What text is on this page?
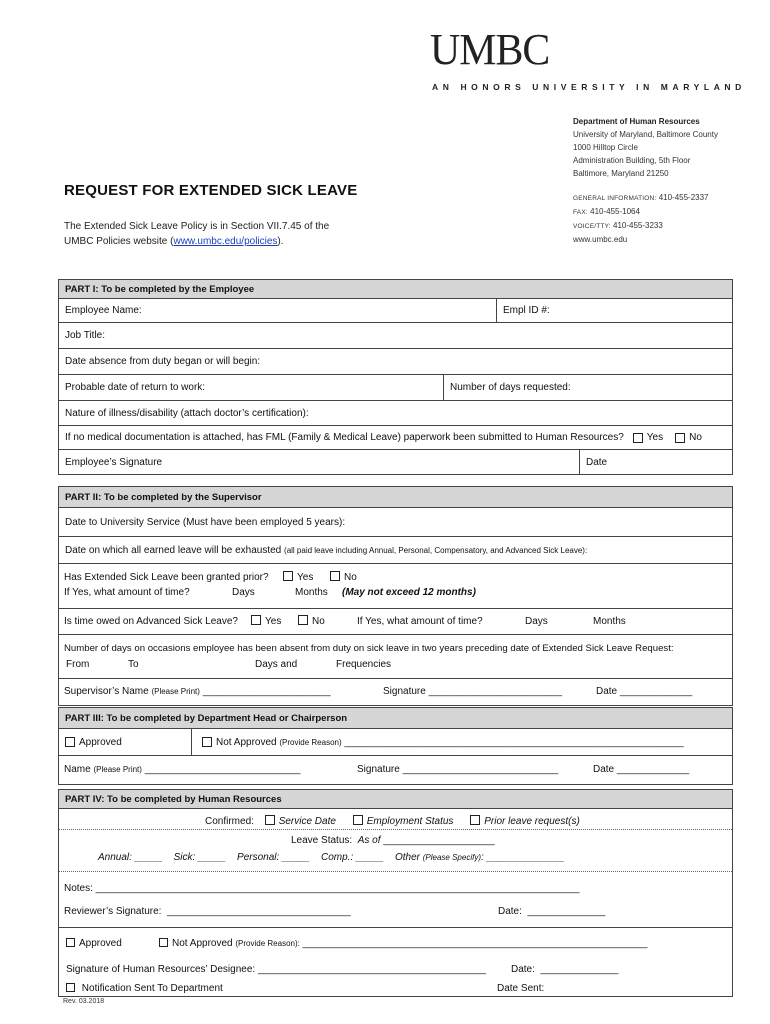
UMBC
AN HONORS UNIVERSITY IN MARYLAND
Department of Human Resources
University of Maryland, Baltimore County
1000 Hilltop Circle
Administration Building, 5th Floor
Baltimore, Maryland 21250
GENERAL INFORMATION: 410-455-2337
FAX: 410-455-1064
VOICE/TTY: 410-455-3233
www.umbc.edu
REQUEST FOR EXTENDED SICK LEAVE
The Extended Sick Leave Policy is in Section VII.7.45 of the
UMBC Policies website (www.umbc.edu/policies).
PART I: To be completed by the Employee
Employee Name:	Empl ID #:
Job Title:
Date absence from duty began or will begin:
Probable date of return to work:	Number of days requested:
Nature of illness/disability (attach doctor’s certification):
If no medical documentation is attached, has FML (Family & Medical Leave) paperwork been submitted to Human Resources? Yes	No
Employee’s Signature	Date
PART II: To be completed by the Supervisor
Date to University Service (Must have been employed 5 years):
Date on which all earned leave will be exhausted
(all paid leave including Annual, Personal, Compensatory, and Advanced Sick Leave):
Has Extended Sick Leave been granted prior?	Yes	No
If Yes, what amount of time?	Days	Months (May not exceed 12 months)
Is time owed on Advanced Sick Leave?	Yes	No	If Yes, what amount of time?	Days	Months
Number of days on occasions employee has been absent from duty on sick leave in two years preceding date of Extended Sick Leave Request:
From	To	Days and	Frequencies
Supervisor’s Name (Please Print) _______________________	Signature ________________________	Date _____________
PART III: To be completed by Department Head or Chairperson
Approved	Not Approved
(Provide Reason)
_____________________________________________________________
Name (Please Print) ____________________________	Signature ____________________________	Date _____________
PART IV: To be completed by Human Resources
Confirmed: Service Date	Employment Status	Prior leave request(s)
Leave Status: As of ____________________
Annual: _____ Sick: _____ Personal: _____ Comp.: _____ Other (Please Specify): ______________
Notes: _______________________________________________________________________________________
Reviewer’s Signature: _________________________________	Date: ______________
Approved	Not Approved (Provide Reason): ______________________________________________________________
Signature of Human Resources’ Designee: _________________________________________	Date: ______________
Notification Sent To Department	Date Sent:
Rev. 03.2018
